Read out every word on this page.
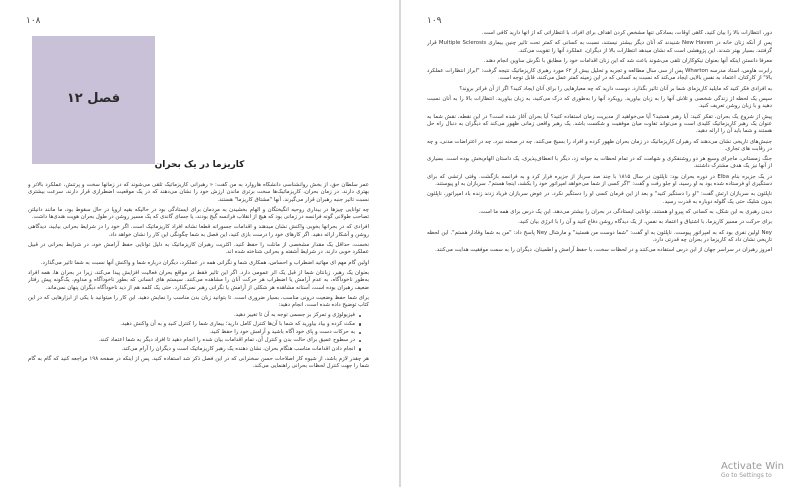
۱۰۸
فصل ۱۲
کاریزما در یک بحران

عمر سلطان حق، از بخش روانشناسی دانشگاه هاروارد به من گفت: « رهبرانی کاریزماتیک تلقی می‌شوند که در زمانها سخت و پرتنش، عملکرد بالاتر و بهتری دارند. در زمان بحران، کاریزماتیک‌ها سخت برتری ماندن ارزش خود را نشان می‌دهند که در یک موقعیت اضطراری قرار دارند، سرعت بیشتری نسبت تاثیر جنبه رهبران قرار می‌گیرند. آنها "مشتاق کاریزما" هستند.

چه توانایی چیزها در بیداری روحیه انگیختگان و الهام بخشیدن به مردمان برای ایستادگی بود در حالیکه بقیه اروپا در حال سقوط بود، ما مانند دانیلتن تصاحب طولانی گونه فرانسه در زمانی بود که هیچ از انقلاب فرانسه گیج بودند، یا جسای گاندی که یک مسیر روشن در طول بحران هویت هندی‌ها داشت.

افرادی که در بحرانها بخوبی واکنش نشان میدهند و اقدامات جسورانه قطعا نشانه افراد کاریزماتیک است. اگر خود را در شرایط بحرانی بیابید، دیدگاهی روشن و آشکار ارائه دهید. اگر کارهای خود را درست بازی کنید، این فصل به شما چگونگی این کار را نشان خواهد داد.

نخست، حداقل یک مقدار مشخصی از مانلت را حفظ کنید. اکثریت رهبران کاریزماتیک به دلیل توانایی حفظ آرامش خود، در شرایط بحرانی در قبیل عملکرد خوبی دارند. در شرایط آشفته و بحرانی شناخته شده اند.

اولین گام مهم ای مهاتید اضطراب و احساس، همکاری شما و نگرانی همه در عملکرد، دیگران درباره شما و واکنش آنها نسبت به شما تاثیر می‌گذارد.

بعنوان یک رهبر، زبانتان شما از قبل یک اثر عمومی دارد. اگر این تاثیر فقط در مواقع بحران فعالیت افزایش پیدا می‌کند، زیرا در بحران ها، همه افراد به‌طور ناخودآگاه، به عدم آرامش یا اضطراب هر حرکت آنان را مشاهده می‌کنند. سیستم های انسانی که بطور ناخودآگاه و مداوم، یک‌گونه پیش رفتار ضعیف رهبران بوده است، آستانه مشاهده هر شکلی از آرامش یا نگرانی رهبر نمی‌گذارد. حتی یک کلمه هم از دید ناخودآگاه دیگران پنهان نمی‌ماند.

برای شما حفظ وضعیت درونی مناسب، بسیار ضروری است. تا بتوانید زبان بدن مناسب را نمایش دهید. این کار را میتوانید با یکی از ابزارهایی که در این کتاب توضیح داده شده است، انجام دهید:

فیزیولوژی و تمرکز بر جسمی توجه به آن تا تغییر دهید.
مکث کرده و بیاد بیاورید که شما با آن‌ها کنترل کامل دارید؛ بیماری شما را کنترل کنید و به آن واکنش دهید.
به حرکات دست و پای خود آگاه باشید و آرامش خود را حفظ کنید.
در سطوح عمیق برای حالت بدن و کنترل آن، تمام اقدامات بیان شده را انجام دهید تا افراد دیگر به شما اعتماد کنند.
انجام دادن اقدامات مناسب هنگام بحران، نشان دهنده یک رهبر کاریزماتیک است و دیگران را آرام می‌کند.

هر چقدر لازم باشد، از شیوه کار اصلاحات حسن سخنرانی که در این فصل ذکر شد استفاده کنید. پس از اینکه در صفحه ۱۹۸ مراجعه کنید که گام به گام شما را جهت کنترل لحظات بحرانی راهنمایی می‌کند.

۱۰۹

دور، انتظارات بالا را بیان کنید، گاهی اوقات، بسادگی تنها مشخص کردن اهداف برای افراد، با انتظاراتی که از آنها دارید کافی است.

پس از آنکه زنان خانه در New Haven شنیدند که آنان دیگر بیشتر نیستند، نسبت به کسانی که کمتر تحت تاثیر چنین بیماری Multiple Sclerosis قرار گرفتند، بسیار بهتر شدند. این پژوهشی است که نشان میدهد انتظارات بالا از دیگران، عملکرد آنها را تقویت می‌کند.

معرفا دانستن اینکه آنها بعنوان نیکوکاران تلقی می‌شوند باعث شد که این زنان اقدامات خود را مطابق با نگرش ساوین انجام دهند.

رابرت هاوس، استاد مدرسه Wharton پس از سی سال مطالعه و تجربه و تحلیل بیش از ۶۲ مورد رهبری کاریزماتیک نتیجه گرفت: "ابراز انتظارات عملکرد بالا" از کارکنان، اعتماد به نفس بالایی ایجاد می‌کند که نسبت به کسانی که در این زمینه کمتر عمل می‌کنند، قابل توجه است.

به افرادی فکر کنید که مایلید کاریزمای شما بر آنان تاثیر بگذارد. دوست دارید که چه معیارهایی را برای آنان ایجاد کنید؟ اگر از آن فراتر بروند؟

سپس یک لحظه از زندگی شخصی و تلاش آنها را به زبان بیاورید. رویکرد آنها را به‌طوری که درک می‌کنید، به زبان بیاورید. انتظارات بالا را به آنان نسبت دهید و با زبان روشن تعریف کنید.

پیش از شروع یک بحران، تفکر کنید: آیا رهبر هستید؟ آیا می‌خواهید از مدیریت زمان استفاده کنید؟ آیا بحران آغاز شده است؟ در این نقطه، نقش شما به عنوان یک رهبر کاریزماتیک کلیدی است و می‌تواند تفاوت میان موفقیت و شکست باشد. یک رهبر واقعی زمانی ظهور می‌کند که دیگران به دنبال راه حل هستند و شما باید آن را ارائه دهید.

جنبش‌های تاریخی نشان می‌دهند که رهبران کاریزماتیک در زمان بحران ظهور کرده و افراد را بسیج می‌کنند. چه در صحنه نبرد، چه در اعتراضات مدنی، و چه در رقابت های تجاری.

جنگ زمستانی، ماجرای وسیع هر دو روشنفکری و شهامت که در تمام لحظات به جوانه زد، دیگر با انعطاف‌پذیری، یک داستان الهام‌بخش بوده است. بسیاری از آنها نیز یک هدف مشترک داشتند.

در یک جزیره بنام Elba در دوره بحران بود: ناپلئون در سال ۱۸۱۵ با چند صد سرباز از جزیره فرار کرد و به فرانسه بازگشت. وقتی ارتشی که برای دستگیری او فرستاده شده بود به او رسید، او جلو رفت و گفت: "اگر کسی از شما می‌خواهد امپراتور خود را بکشد، اینجا هستم". سربازان به او پیوستند.

ناپلئون به سربازان ارتش گفت: "او را دستگیر کنید" و بعد از این فرمان کسی او را دستگیر نکرد. در عوض سربازان فریاد زدند زنده باد امپراتور، ناپلئون بدون شلیک حتی یک گلوله دوباره به قدرت رسید.

دیدن رهبری به این شکل، به کسانی که پیرو او هستند، توانایی ایستادگی در بحران را بیشتر می‌دهد. این یک درس برای همه ما است.

برای حرکت در مسیر کاریزما، با اشتیاق و اعتماد به نفس، از یک دیدگاه روشن دفاع کنید و آن را با انرژی بیان کنید.

Ney اولین نفری بود که به امپراتور پیوست. ناپلئون به او گفت: "شما دوست من هستید" و مارشال Ney پاسخ داد: "من به شما وفادار هستم". این لحظه تاریخی نشان داد که کاریزما در بحران چه قدرتی دارد.

امروز رهبران در سراسر جهان از این درس استفاده می‌کنند و در لحظات سخت، با حفظ آرامش و اطمینان، دیگران را به سمت موفقیت هدایت می‌کنند.

Activate Win
Go to Settings to
